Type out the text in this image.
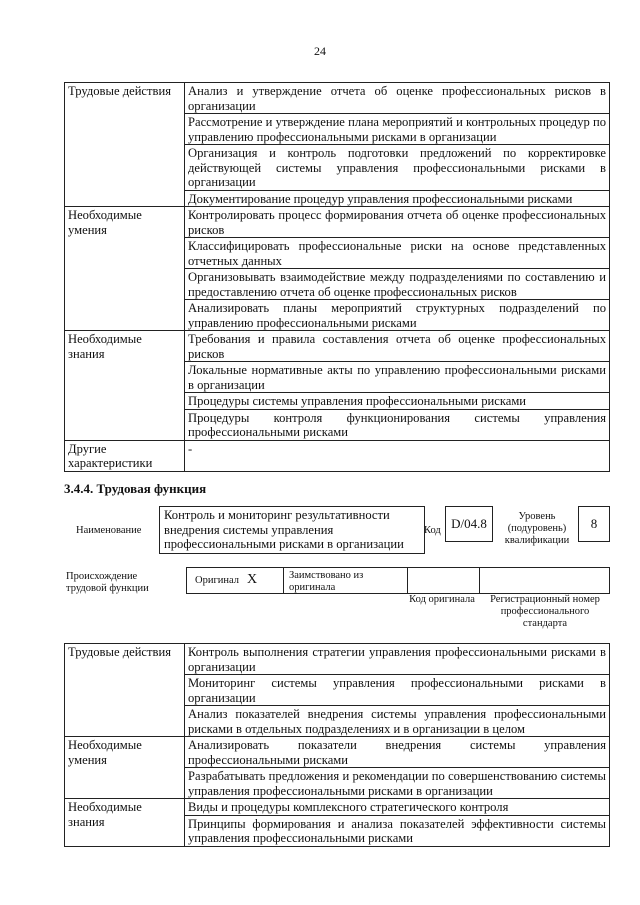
24
Трудовые действия	Анализ и утверждение отчета об оценке профессиональных рисков в организации
	Рассмотрение и утверждение плана мероприятий и контрольных процедур по управлению профессиональными рисками в организации
	Организация и контроль подготовки предложений по корректировке действующей системы управления профессиональными рисками в организации
	Документирование процедур управления профессиональными рисками
Необходимые умения	Контролировать процесс формирования отчета об оценке профессиональных рисков
	Классифицировать профессиональные риски на основе представленных отчетных данных
	Организовывать взаимодействие между подразделениями по составлению и предоставлению отчета об оценке профессиональных рисков
	Анализировать планы мероприятий структурных подразделений по управлению профессиональными рисками
Необходимые знания	Требования и правила составления отчета об оценке профессиональных рисков
	Локальные нормативные акты по управлению профессиональными рисками в организации
	Процедуры системы управления профессиональными рисками
	Процедуры контроля функционирования системы управления профессиональными рисками
Другие характеристики	-
3.4.4. Трудовая функция
Наименование
Контроль и мониторинг результативности внедрения системы управления профессиональными рисками в организации
Код D/04.8	Уровень (подуровень) квалификации
8
Происхождение трудовой функции
Оригинал X	Заимствовано из оригинала
Код оригинала	Регистрационный номер профессионального стандарта
Трудовые действия	Контроль выполнения стратегии управления профессиональными рисками в организации
	Мониторинг системы управления профессиональными рисками в организации
	Анализ показателей внедрения системы управления профессиональными рисками в отдельных подразделениях и в организации в целом
Необходимые умения	Анализировать показатели внедрения системы управления профессиональными рисками
	Разрабатывать предложения и рекомендации по совершенствованию системы управления профессиональными рисками в организации
Необходимые знания	Виды и процедуры комплексного стратегического контроля
	Принципы формирования и анализа показателей эффективности системы управления профессиональными рисками
